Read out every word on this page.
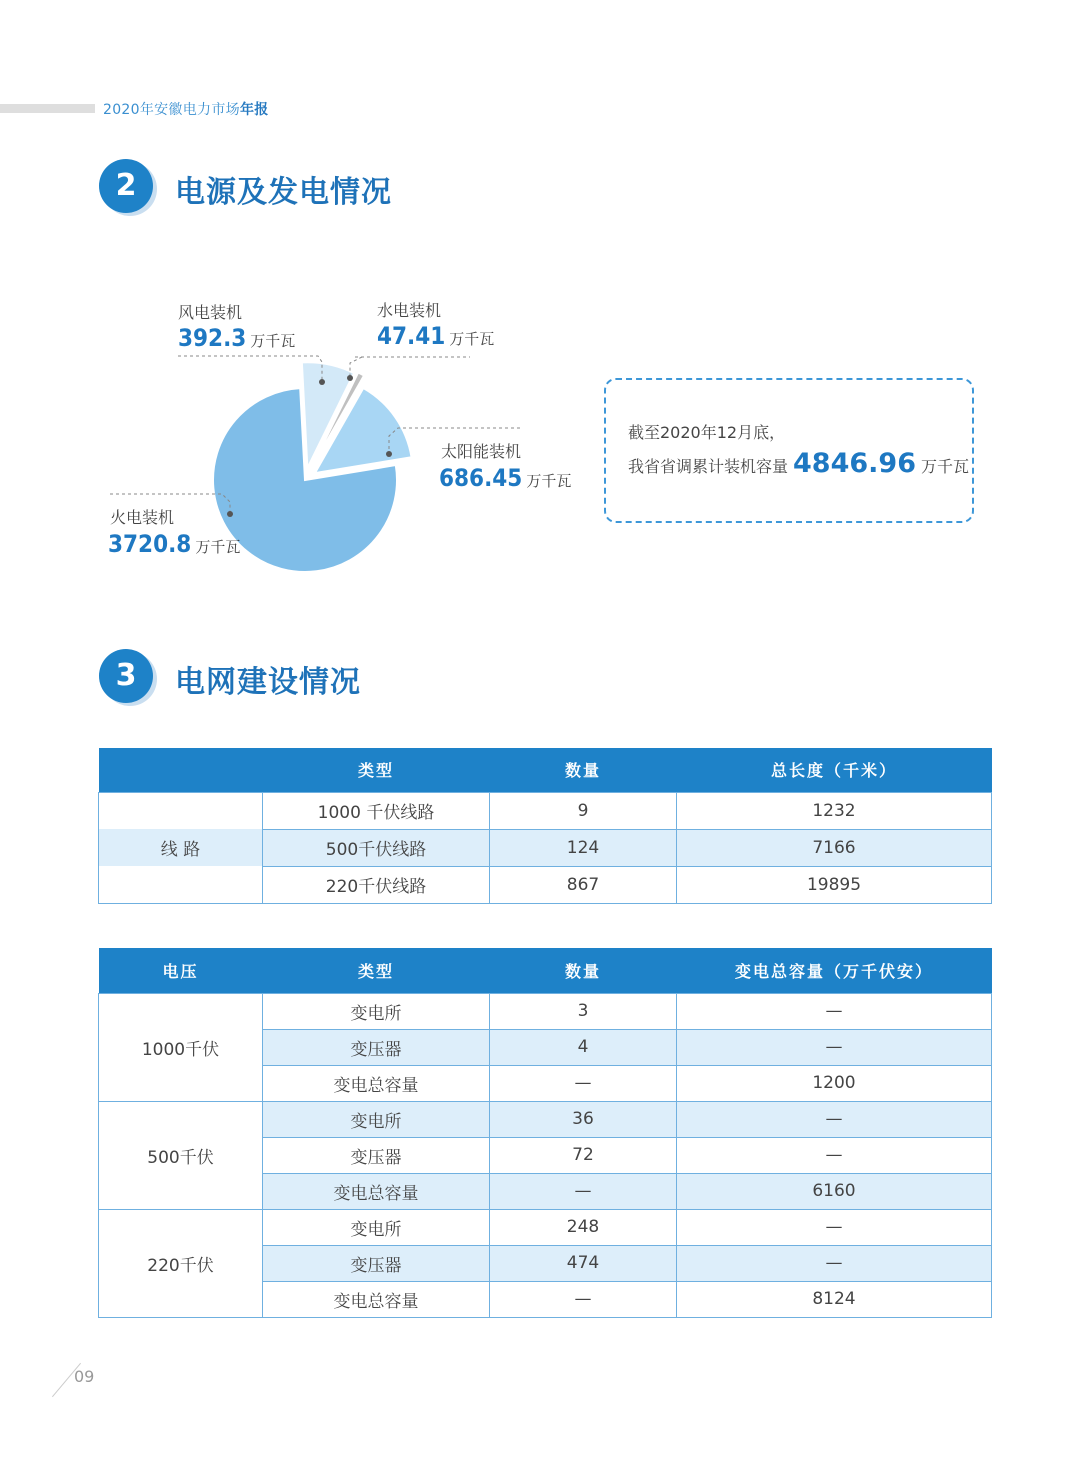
2020年安徽电力市场年报
2	电源及发电情况
风电装机
392.3 万千瓦
水电装机
47.41 万千瓦
太阳能装机
686.45 万千瓦
火电装机
3720.8 万千瓦
截至2020年12月底，
我省省调累计装机容量 4846.96 万千瓦
3	电网建设情况
	类型	数量	总长度（千米）
	1000 千伏线路	9	1232
线 路	500千伏线路	124	7166
	220千伏线路	867	19895
电压	类型	数量	变电总容量（万千伏安）
1000千伏	变电所	3	—
	变压器	4	—
	变电总容量	—	1200
500千伏	变电所	36	—
	变压器	72	—
	变电总容量	—	6160
220千伏	变电所	248	—
	变压器	474	—
	变电总容量	—	8124
09
